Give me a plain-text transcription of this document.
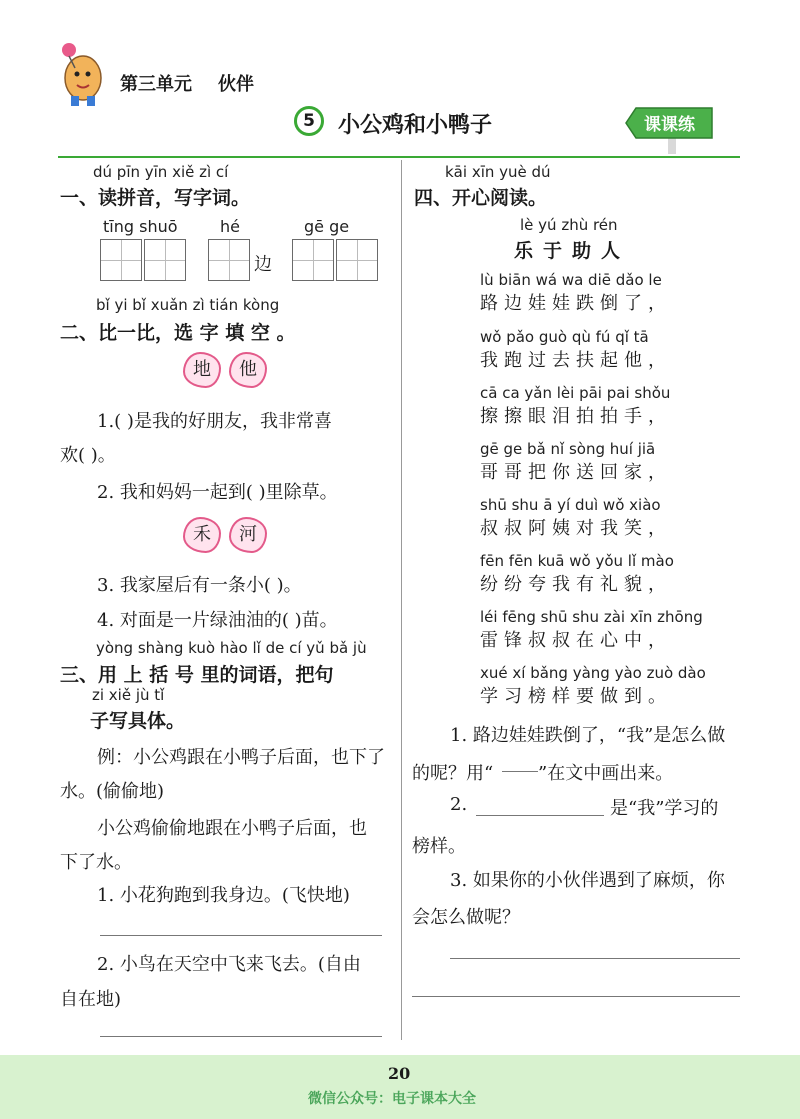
第三单元 伙伴
5	小公鸡和小鸭子	课课练
dú pīn yīn xiě zì cí
一、读拼音，写字词。
tīng shuō	hé
边
gē ge
bǐ yi bǐ xuǎn zì tián kòng
二、比一比，选 字 填 空 。
地	他
1.( )是我的好朋友，我非常喜
欢( )。
2. 我和妈妈一起到( )里除草。
禾	河
3. 我家屋后有一条小( )。
4. 对面是一片绿油油的( )苗。
yòng shàng kuò hào lǐ de cí yǔ bǎ jù
三、用 上 括 号 里的词语，把句
zi xiě jù tǐ
子写具体。
例：小公鸡跟在小鸭子后面，也下了
水。(偷偷地)
小公鸡偷偷地跟在小鸭子后面，也
下了水。
1. 小花狗跑到我身边。(飞快地)
2. 小鸟在天空中飞来飞去。(自由
自在地)
kāi xīn yuè dú
四、开心阅读。
lè yú zhù rén
乐于助人
lù biān wá wa diē dǎo le
路边娃娃跌倒了，
wǒ pǎo guò qù fú qǐ tā
我跑过去扶起他，
cā ca yǎn lèi pāi pai shǒu
擦擦眼泪拍拍手，
gē ge bǎ nǐ sòng huí jiā
哥哥把你送回家，
shū shu ā yí duì wǒ xiào
叔叔阿姨对我笑，
fēn fēn kuā wǒ yǒu lǐ mào
纷纷夸我有礼貌，
léi fēng shū shu zài xīn zhōng
雷锋叔叔在心中，
xué xí bǎng yàng yào zuò dào
学习榜样要做到。
1. 路边娃娃跌倒了，“我”是怎么做
的呢？用“ ”在文中画出来。
2.	是“我”学习的
榜样。
3. 如果你的小伙伴遇到了麻烦，你
会怎么做呢？
20
微信公众号：电子课本大全
